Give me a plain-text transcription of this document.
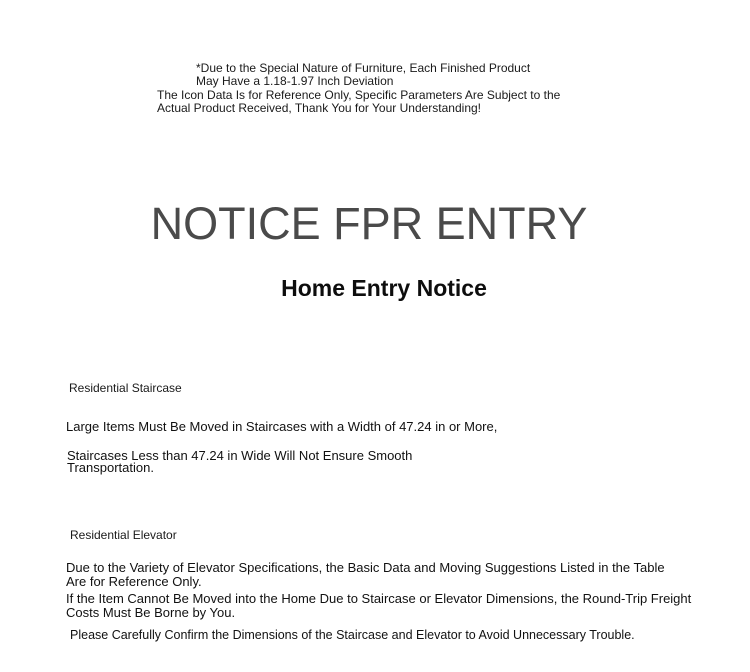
*Due to the Special Nature of Furniture, Each Finished Product
May Have a 1.18-1.97 Inch Deviation
The Icon Data Is for Reference Only, Specific Parameters Are Subject to the
Actual Product Received, Thank You for Your Understanding!
NOTICE FPR ENTRY
Home Entry Notice
Residential Staircase
Large Items Must Be Moved in Staircases with a Width of 47.24 in or More,
Staircases Less than 47.24 in Wide Will Not Ensure Smooth
Transportation.
Residential Elevator
Due to the Variety of Elevator Specifications, the Basic Data and Moving Suggestions Listed in the Table
Are for Reference Only.
If the Item Cannot Be Moved into the Home Due to Staircase or Elevator Dimensions, the Round-Trip Freight
Costs Must Be Borne by You.
Please Carefully Confirm the Dimensions of the Staircase and Elevator to Avoid Unnecessary Trouble.
